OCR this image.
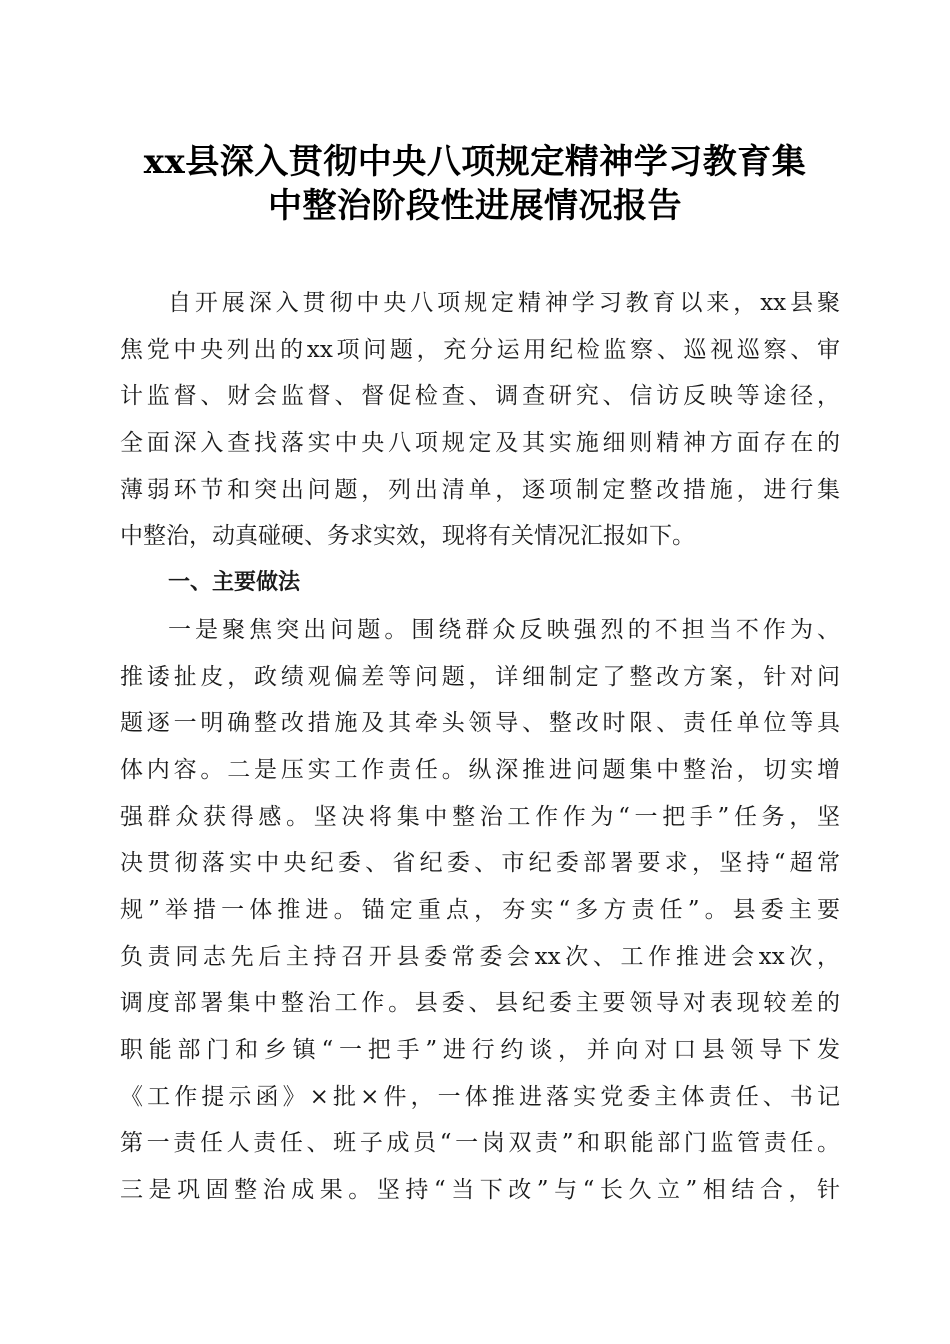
xx县深入贯彻中央八项规定精神学习教育集
中整治阶段性进展情况报告
自开展深入贯彻中央八项规定精神学习教育以来，xx县聚
焦党中央列出的xx项问题，充分运用纪检监察、巡视巡察、审
计监督、财会监督、督促检查、调查研究、信访反映等途径，
全面深入查找落实中央八项规定及其实施细则精神方面存在的
薄弱环节和突出问题，列出清单，逐项制定整改措施，进行集
中整治，动真碰硬、务求实效，现将有关情况汇报如下。
一、主要做法
一是聚焦突出问题。围绕群众反映强烈的不担当不作为、
推诿扯皮，政绩观偏差等问题，详细制定了整改方案，针对问
题逐一明确整改措施及其牵头领导、整改时限、责任单位等具
体内容。二是压实工作责任。纵深推进问题集中整治，切实增
强群众获得感。坚决将集中整治工作作为“一把手”任务，坚
决贯彻落实中央纪委、省纪委、市纪委部署要求，坚持“超常
规”举措一体推进。锚定重点，夯实“多方责任”。县委主要
负责同志先后主持召开县委常委会xx次、工作推进会xx次，
调度部署集中整治工作。县委、县纪委主要领导对表现较差的
职能部门和乡镇“一把手”进行约谈，并向对口县领导下发
《工作提示函》×批×件，一体推进落实党委主体责任、书记
第一责任人责任、班子成员“一岗双责”和职能部门监管责任。
三是巩固整治成果。坚持“当下改”与“长久立”相结合，针
